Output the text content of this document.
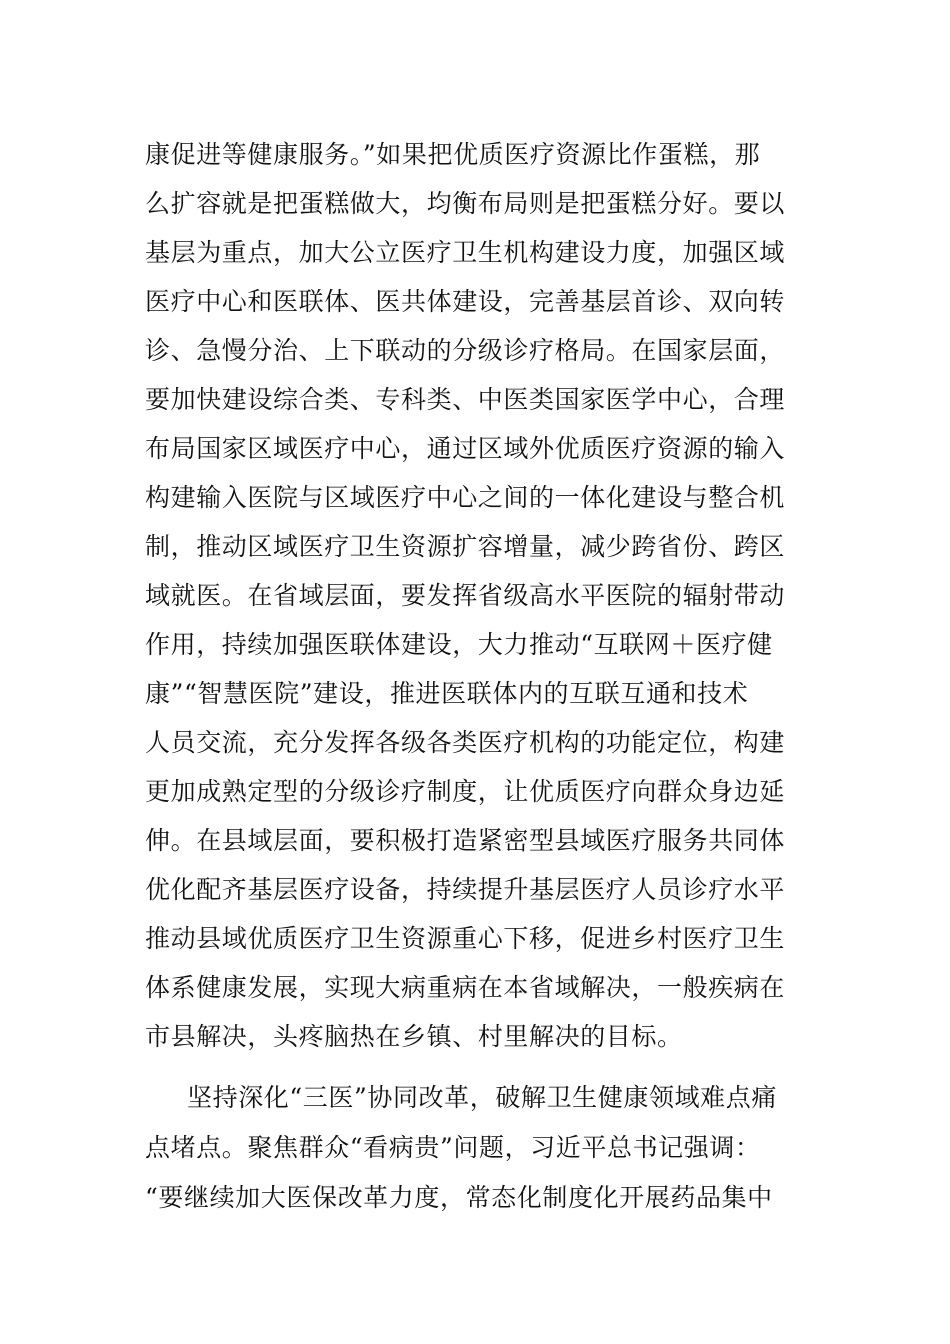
康促进等健康服务。”如果把优质医疗资源比作蛋糕，那
么扩容就是把蛋糕做大，均衡布局则是把蛋糕分好。要以
基层为重点，加大公立医疗卫生机构建设力度，加强区域
医疗中心和医联体、医共体建设，完善基层首诊、双向转
诊、急慢分治、上下联动的分级诊疗格局。在国家层面，
要加快建设综合类、专科类、中医类国家医学中心，合理
布局国家区域医疗中心，通过区域外优质医疗资源的输入
构建输入医院与区域医疗中心之间的一体化建设与整合机
制，推动区域医疗卫生资源扩容增量，减少跨省份、跨区
域就医。在省域层面，要发挥省级高水平医院的辐射带动
作用，持续加强医联体建设，大力推动“互联网＋医疗健
康”“智慧医院”建设，推进医联体内的互联互通和技术
人员交流，充分发挥各级各类医疗机构的功能定位，构建
更加成熟定型的分级诊疗制度，让优质医疗向群众身边延
伸。在县域层面，要积极打造紧密型县域医疗服务共同体
优化配齐基层医疗设备，持续提升基层医疗人员诊疗水平
推动县域优质医疗卫生资源重心下移，促进乡村医疗卫生
体系健康发展，实现大病重病在本省域解决，一般疾病在
市县解决，头疼脑热在乡镇、村里解决的目标。
坚持深化“三医”协同改革，破解卫生健康领域难点痛
点堵点。聚焦群众“看病贵”问题，习近平总书记强调：
“要继续加大医保改革力度，常态化制度化开展药品集中
